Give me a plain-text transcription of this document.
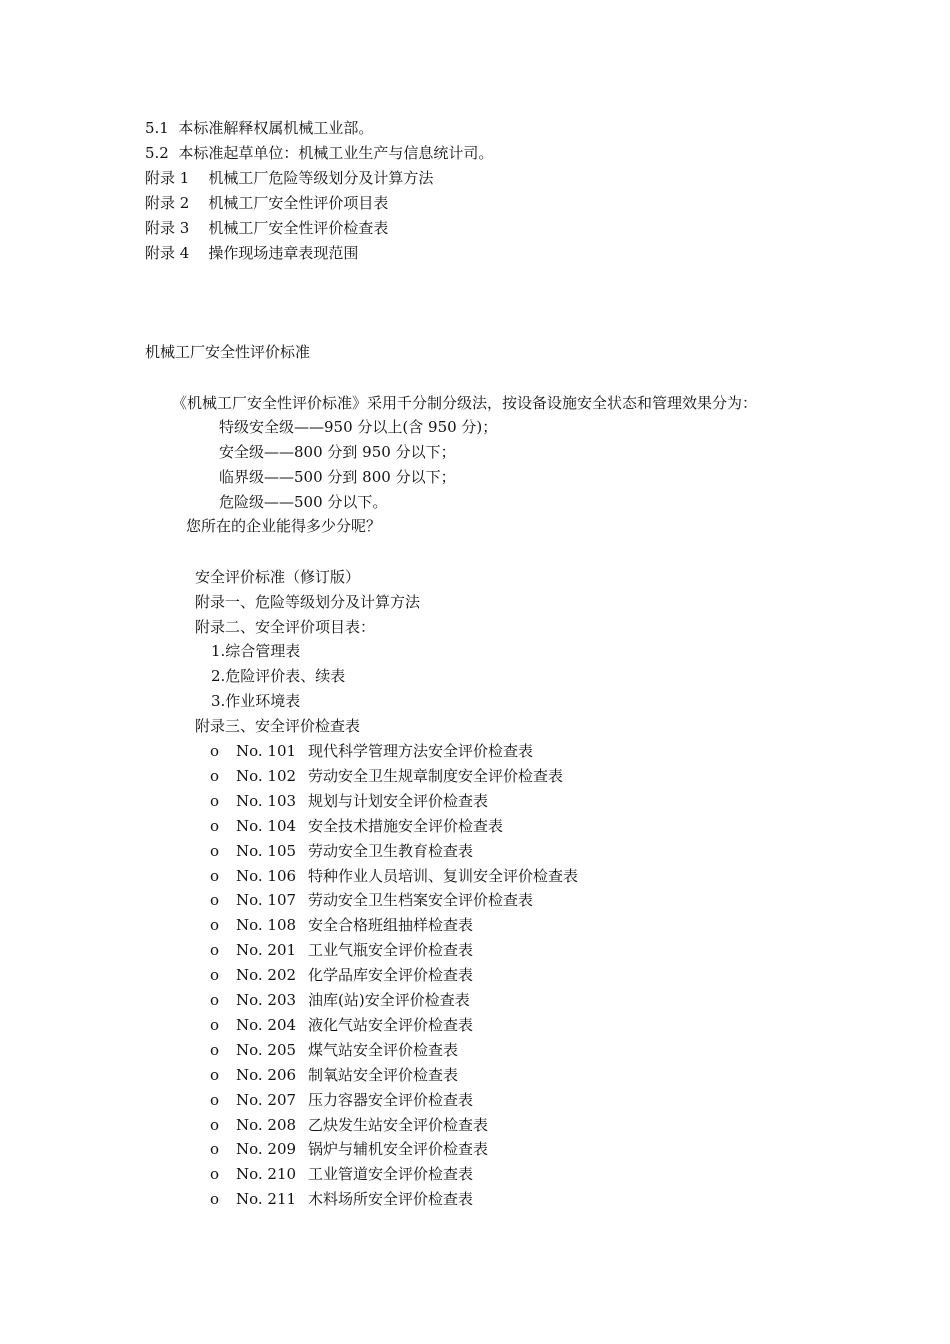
5.1  本标准解释权属机械工业部。
5.2  本标准起草单位：机械工业生产与信息统计司。
附录 1    机械工厂危险等级划分及计算方法
附录 2    机械工厂安全性评价项目表
附录 3    机械工厂安全性评价检查表
附录 4    操作现场违章表现范围
机械工厂安全性评价标准
《机械工厂安全性评价标准》采用千分制分级法，按设备设施安全状态和管理效果分为：
特级安全级——950 分以上(含 950 分)；
安全级——800 分到 950 分以下；
临界级——500 分到 800 分以下；
危险级——500 分以下。
您所在的企业能得多少分呢？
安全评价标准（修订版）
附录一、危险等级划分及计算方法
附录二、安全评价项目表：
1.综合管理表
2.危险评价表、续表
3.作业环境表
附录三、安全评价检查表
o No. 101 现代科学管理方法安全评价检查表
o No. 102 劳动安全卫生规章制度安全评价检查表
o No. 103 规划与计划安全评价检查表
o No. 104 安全技术措施安全评价检查表
o No. 105 劳动安全卫生教育检查表
o No. 106 特种作业人员培训、复训安全评价检查表
o No. 107 劳动安全卫生档案安全评价检查表
o No. 108 安全合格班组抽样检查表
o No. 201 工业气瓶安全评价检查表
o No. 202 化学品库安全评价检查表
o No. 203 油库(站)安全评价检查表
o No. 204 液化气站安全评价检查表
o No. 205 煤气站安全评价检查表
o No. 206 制氧站安全评价检查表
o No. 207 压力容器安全评价检查表
o No. 208 乙炔发生站安全评价检查表
o No. 209 锅炉与辅机安全评价检查表
o No. 210 工业管道安全评价检查表
o No. 211 木料场所安全评价检查表
